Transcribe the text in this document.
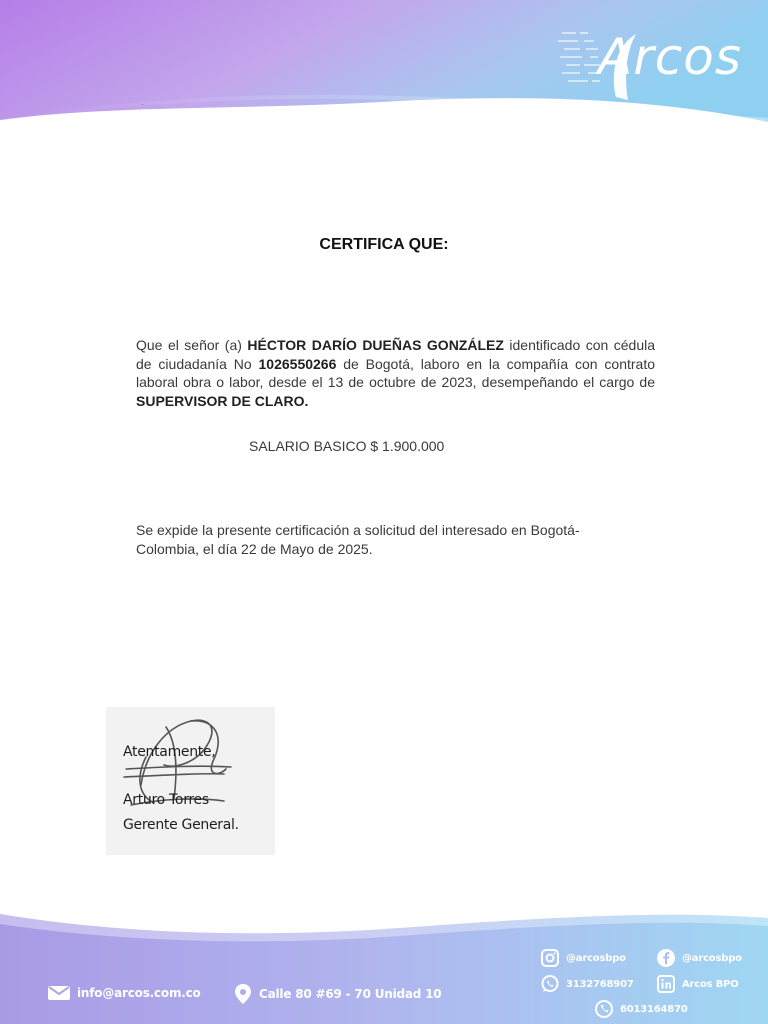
Arcos
-
CERTIFICA QUE:
Que el señor (a) HÉCTOR DARÍO DUEÑAS GONZÁLEZ identificado con cédula de ciudadanía No 1026550266 de Bogotá, laboro en la compañía con contrato laboral obra o labor, desde el 13 de octubre de 2023, desempeñando el cargo de SUPERVISOR DE CLARO.
SALARIO BASICO $ 1.900.000
Se expide la presente certificación a solicitud del interesado en Bogotá-Colombia, el día 22 de Mayo de 2025.
Atentamente,
Arturo Torres
Gerente General.
info@arcos.com.co	Calle 80 #69 - 70 Unidad 10
@arcosbpo	@arcosbpo
3132768907	Arcos BPO
6013164870
